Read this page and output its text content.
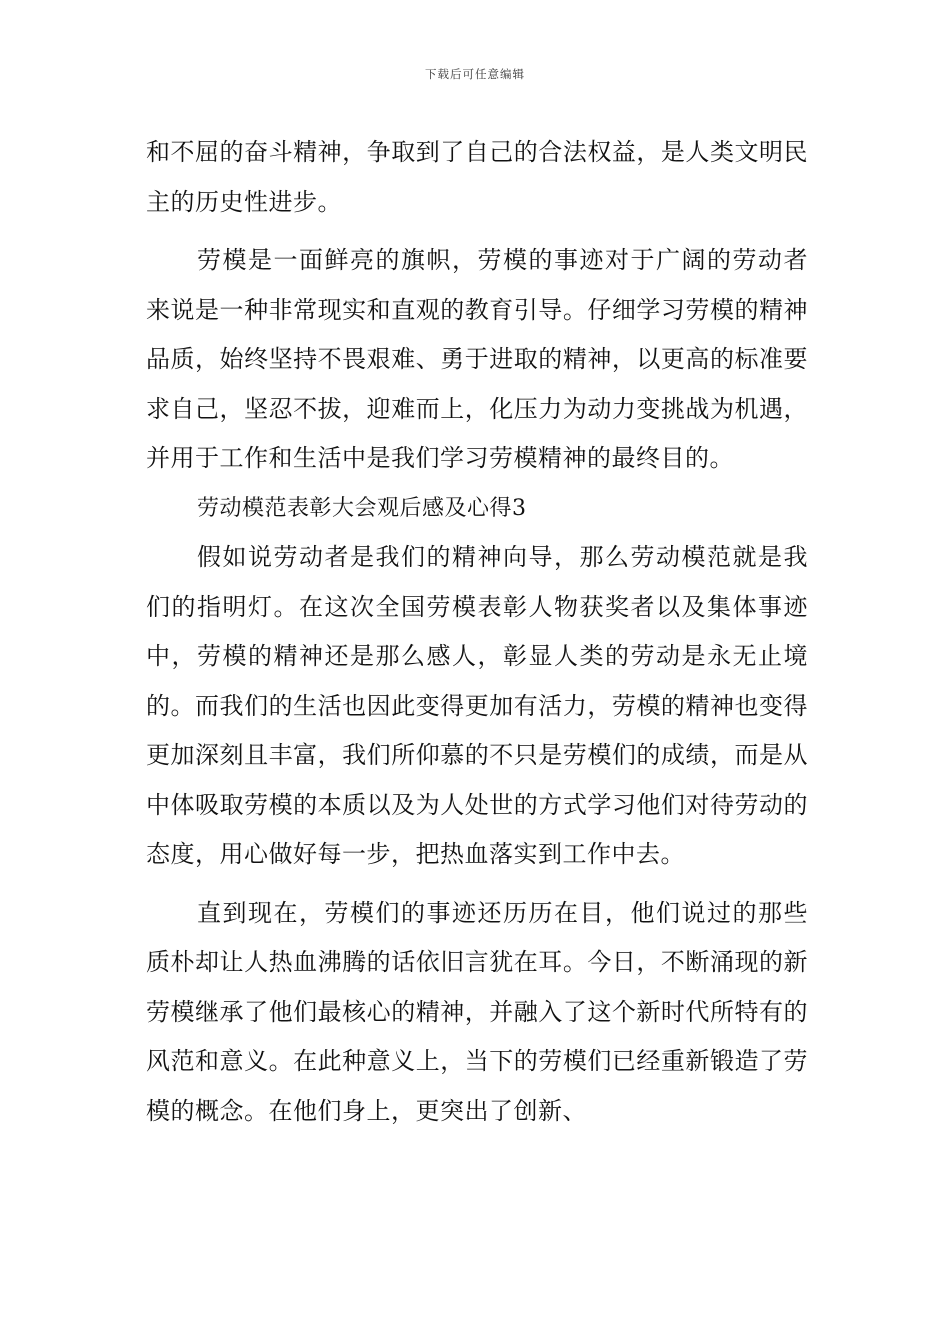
下载后可任意编辑

和不屈的奋斗精神，争取到了自己的合法权益，是人类文明民主的历史性进步。

劳模是一面鲜亮的旗帜，劳模的事迹对于广阔的劳动者来说是一种非常现实和直观的教育引导。仔细学习劳模的精神品质，始终坚持不畏艰难、勇于进取的精神，以更高的标准要求自己，坚忍不拔，迎难而上，化压力为动力变挑战为机遇，并用于工作和生活中是我们学习劳模精神的最终目的。

劳动模范表彰大会观后感及心得3

假如说劳动者是我们的精神向导，那么劳动模范就是我们的指明灯。在这次全国劳模表彰人物获奖者以及集体事迹中，劳模的精神还是那么感人，彰显人类的劳动是永无止境的。而我们的生活也因此变得更加有活力，劳模的精神也变得更加深刻且丰富，我们所仰慕的不只是劳模们的成绩，而是从中体吸取劳模的本质以及为人处世的方式学习他们对待劳动的态度，用心做好每一步，把热血落实到工作中去。

直到现在，劳模们的事迹还历历在目，他们说过的那些质朴却让人热血沸腾的话依旧言犹在耳。今日，不断涌现的新劳模继承了他们最核心的精神，并融入了这个新时代所特有的风范和意义。在此种意义上，当下的劳模们已经重新锻造了劳模的概念。在他们身上，更突出了创新、
